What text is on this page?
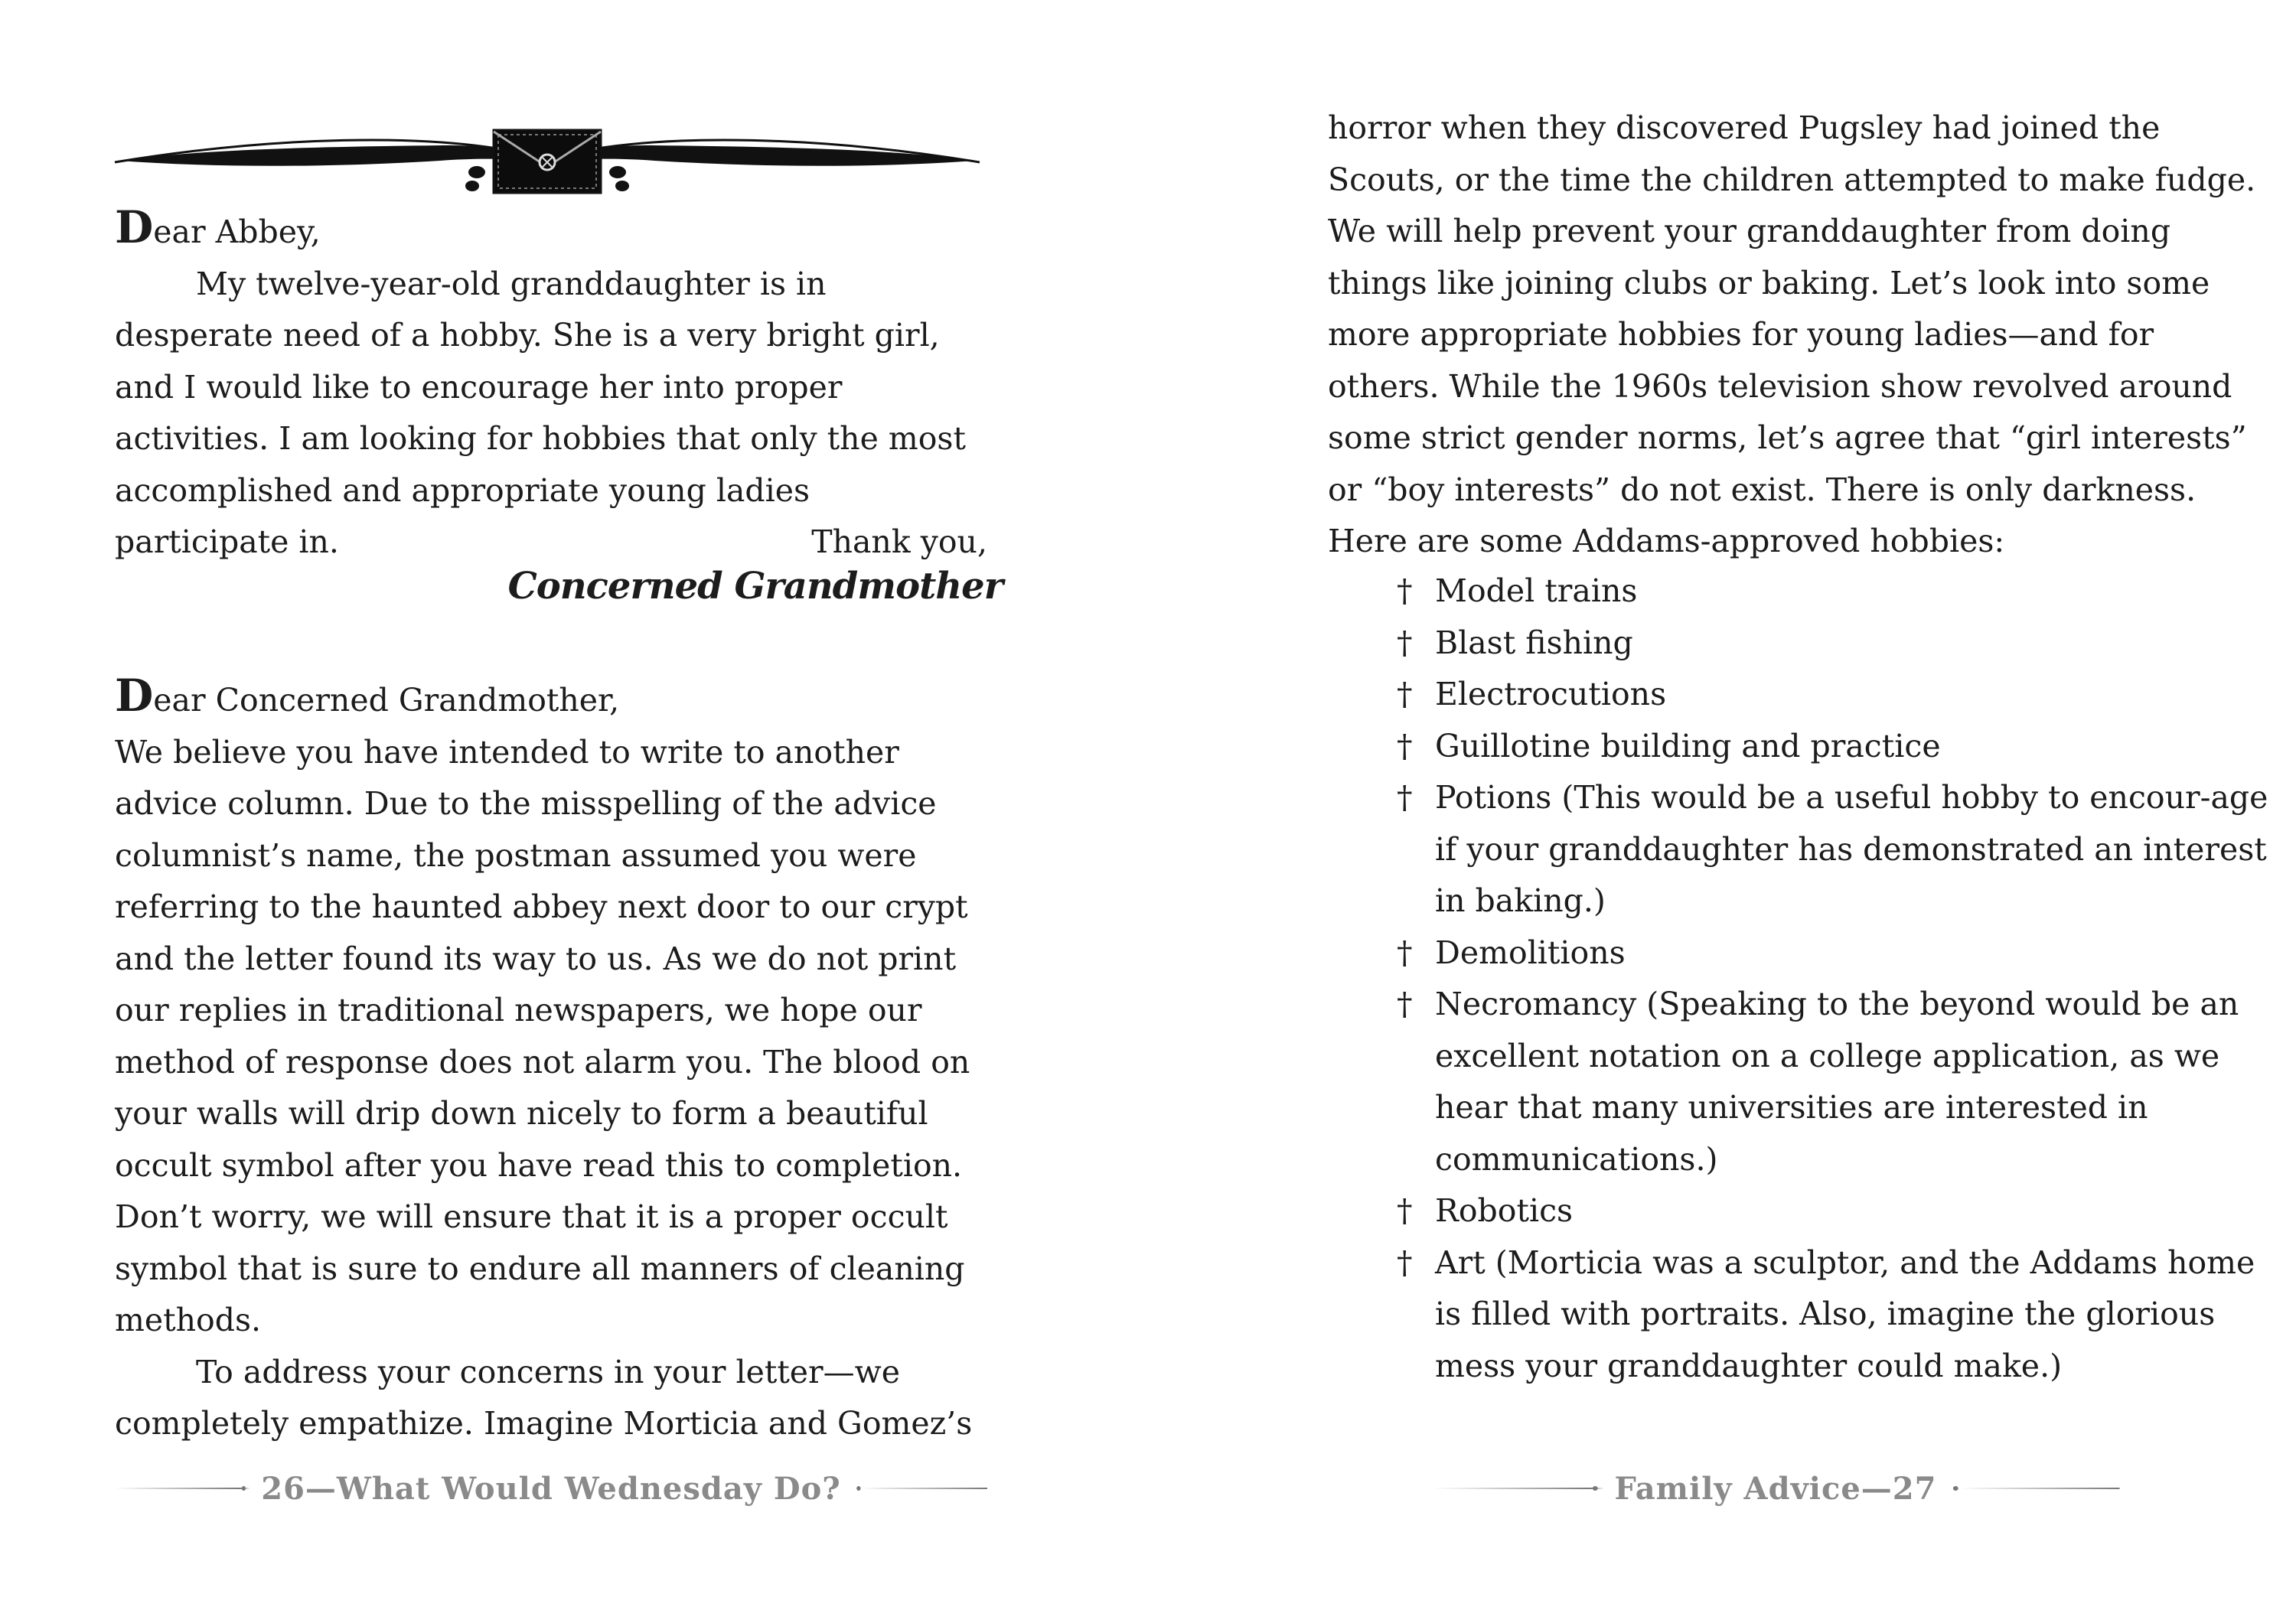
Dear Abbey,

My twelve-year-old granddaughter is in desperate need of a hobby. She is a very bright girl, and I would like to encourage her into proper activities. I am looking for hobbies that only the most accomplished and appropriate young ladies participate in.	Thank you,
Concerned Grandmother

Dear Concerned Grandmother,

We believe you have intended to write to another advice column. Due to the misspelling of the advice columnist’s name, the postman assumed you were referring to the haunted abbey next door to our crypt and the letter found its way to us. As we do not print our replies in traditional newspapers, we hope our method of response does not alarm you. The blood on your walls will drip down nicely to form a beautiful occult symbol after you have read this to completion. Don’t worry, we will ensure that it is a proper occult symbol that is sure to endure all manners of cleaning methods.

To address your concerns in your letter—we completely empathize. Imagine Morticia and Gomez’s

26—What Would Wednesday Do?
horror when they discovered Pugsley had joined the Scouts, or the time the children attempted to make fudge. We will help prevent your granddaughter from doing things like joining clubs or baking. Let’s look into some more appropriate hobbies for young ladies—and for others. While the 1960s television show revolved around some strict gender norms, let’s agree that “girl interests” or “boy interests” do not exist. There is only darkness. Here are some Addams-approved hobbies:
† Model trains
† Blast fishing
† Electrocutions
† Guillotine building and practice
† Potions (This would be a useful hobby to encour-age if your granddaughter has demonstrated an interest in baking.)
† Demolitions
† Necromancy (Speaking to the beyond would be an excellent notation on a college application, as we hear that many universities are interested in communications.)
† Robotics
† Art (Morticia was a sculptor, and the Addams home is filled with portraits. Also, imagine the glorious mess your granddaughter could make.)
Family Advice—27
